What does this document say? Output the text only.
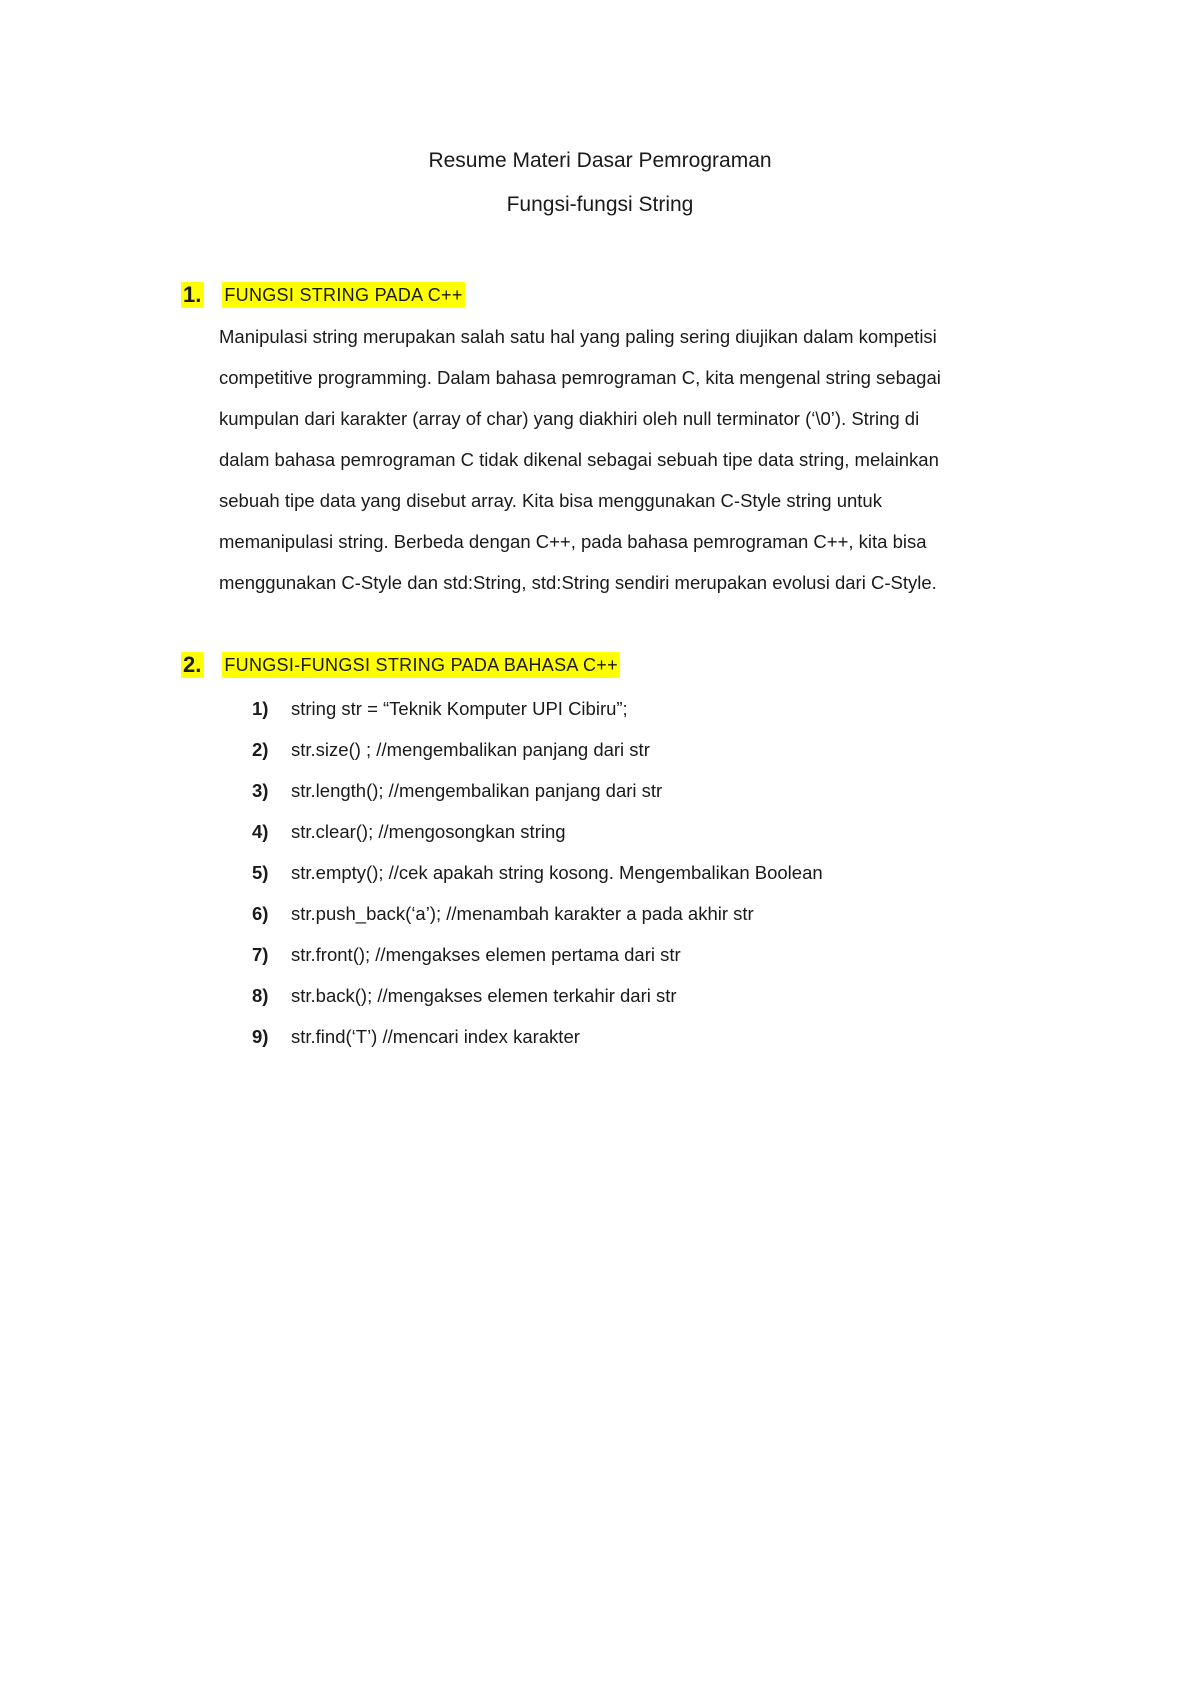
Resume Materi Dasar Pemrograman
Fungsi-fungsi String
1. FUNGSI STRING PADA C++
Manipulasi string merupakan salah satu hal yang paling sering diujikan dalam kompetisi
competitive programming. Dalam bahasa pemrograman C, kita mengenal string sebagai
kumpulan dari karakter (array of char) yang diakhiri oleh null terminator (‘\0’). String di
dalam bahasa pemrograman C tidak dikenal sebagai sebuah tipe data string, melainkan
sebuah tipe data yang disebut array. Kita bisa menggunakan C-Style string untuk
memanipulasi string. Berbeda dengan C++, pada bahasa pemrograman C++, kita bisa
menggunakan C-Style dan std:String, std:String sendiri merupakan evolusi dari C-Style.
2. FUNGSI-FUNGSI STRING PADA BAHASA C++
1)	string str = “Teknik Komputer UPI Cibiru”;
2)	str.size() ; //mengembalikan panjang dari str
3)	str.length(); //mengembalikan panjang dari str
4)	str.clear(); //mengosongkan string
5)	str.empty(); //cek apakah string kosong. Mengembalikan Boolean
6)	str.push_back(‘a’); //menambah karakter a pada akhir str
7)	str.front(); //mengakses elemen pertama dari str
8)	str.back(); //mengakses elemen terkahir dari str
9)	str.find(‘T’) //mencari index karakter
